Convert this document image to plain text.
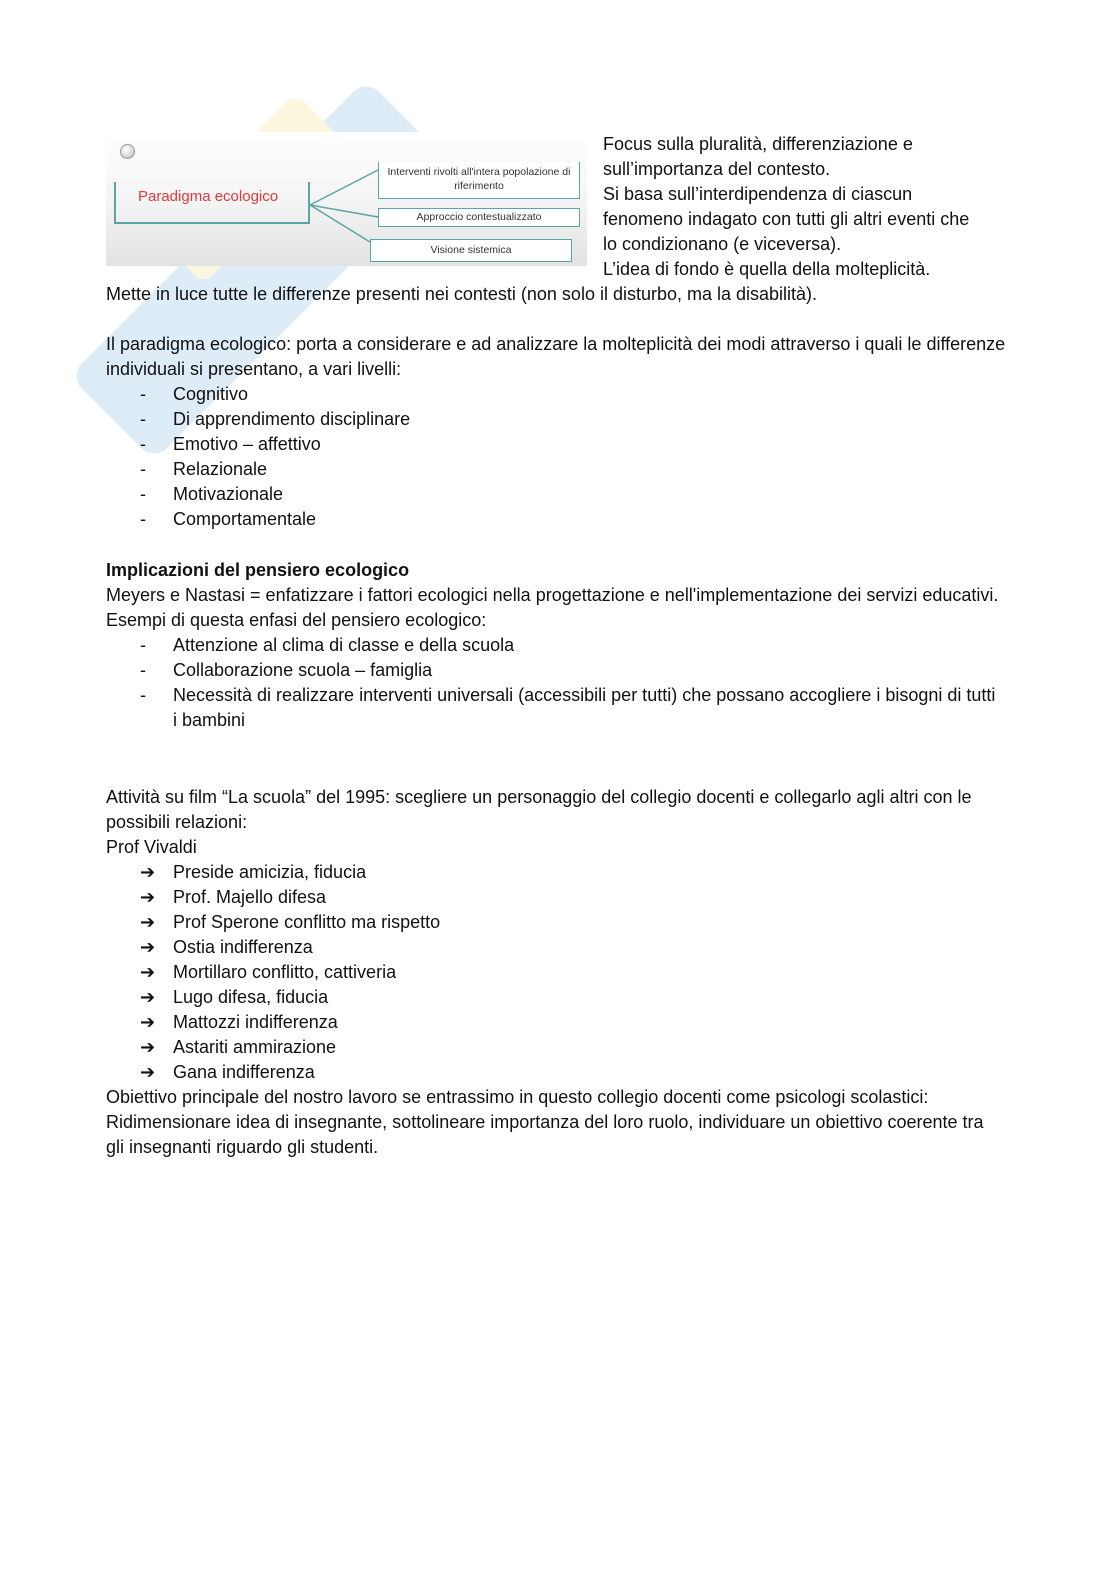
Paradigma ecologico
Interventi rivolti all'intera popolazione di riferimento
Approccio contestualizzato
Visione sistemica

Focus sulla pluralità, differenziazione e

sull’importanza del contesto.

Si basa sull’interdipendenza di ciascun

fenomeno indagato con tutti gli altri eventi che

lo condizionano (e viceversa).

L’idea di fondo è quella della molteplicità.

Mette in luce tutte le differenze presenti nei contesti (non solo il disturbo, ma la disabilità).

Il paradigma ecologico: porta a considerare e ad analizzare la molteplicità dei modi attraverso i quali le differenze individuali si presentano, a vari livelli:

- Cognitivo
- Di apprendimento disciplinare
- Emotivo – affettivo
- Relazionale
- Motivazionale
- Comportamentale

Implicazioni del pensiero ecologico

Meyers e Nastasi = enfatizzare i fattori ecologici nella progettazione e nell'implementazione dei servizi educativi.

Esempi di questa enfasi del pensiero ecologico:

- Attenzione al clima di classe e della scuola
- Collaborazione scuola – famiglia
- Necessità di realizzare interventi universali (accessibili per tutti) che possano accogliere i bisogni di tutti i bambini

Attività su film “La scuola” del 1995: scegliere un personaggio del collegio docenti e collegarlo agli altri con le possibili relazioni:

Prof Vivaldi

➔ Preside amicizia, fiducia
➔ Prof. Majello difesa
➔ Prof Sperone conflitto ma rispetto
➔ Ostia indifferenza
➔ Mortillaro conflitto, cattiveria
➔ Lugo difesa, fiducia
➔ Mattozzi indifferenza
➔ Astariti ammirazione
➔ Gana indifferenza

Obiettivo principale del nostro lavoro se entrassimo in questo collegio docenti come psicologi scolastici: Ridimensionare idea di insegnante, sottolineare importanza del loro ruolo, individuare un obiettivo coerente tra gli insegnanti riguardo gli studenti.
